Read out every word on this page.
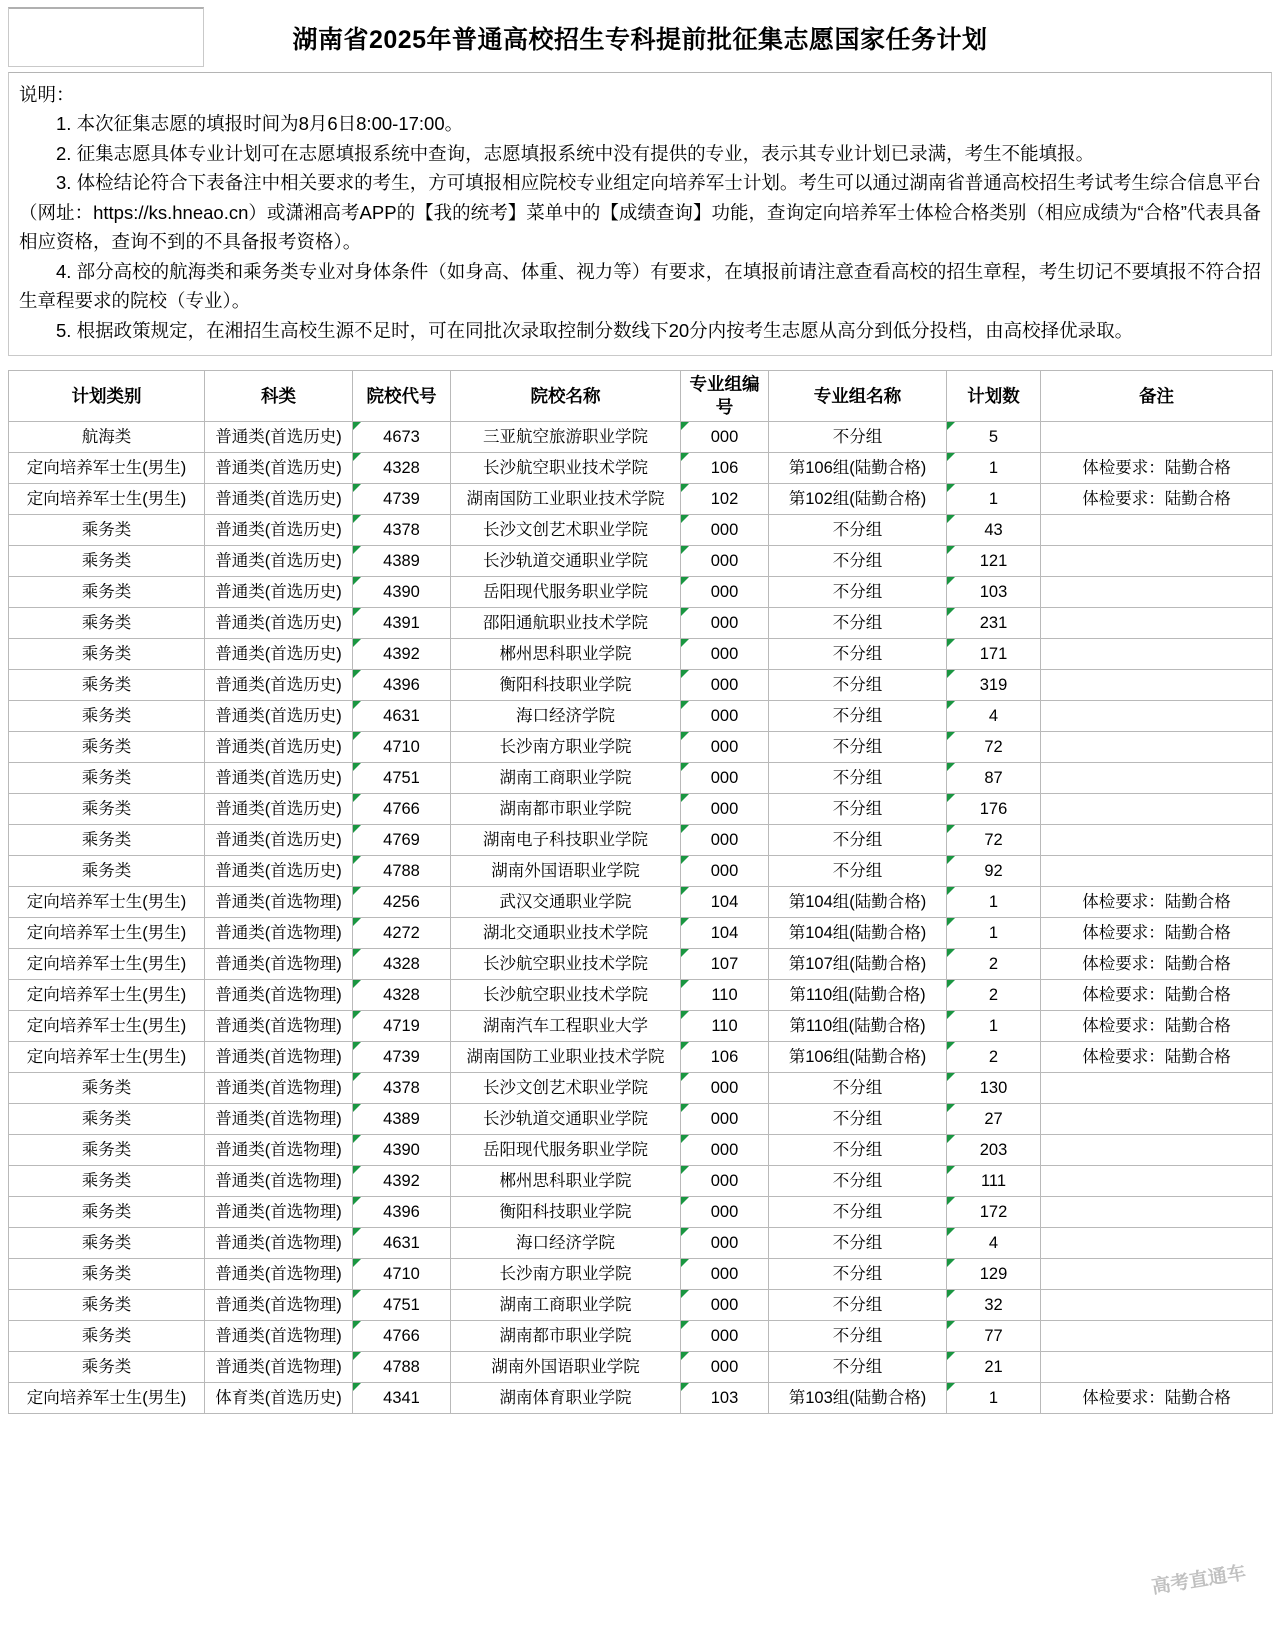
湖南省2025年普通高校招生专科提前批征集志愿国家任务计划
说明：
1. 本次征集志愿的填报时间为8月6日8:00-17:00。
2. 征集志愿具体专业计划可在志愿填报系统中查询，志愿填报系统中没有提供的专业，表示其专业计划已录满，考生不能填报。
3. 体检结论符合下表备注中相关要求的考生，方可填报相应院校专业组定向培养军士计划。考生可以通过湖南省普通高校招生考试考生综合信息平台（网址：https://ks.hneao.cn）或潇湘高考APP的【我的统考】菜单中的【成绩查询】功能，查询定向培养军士体检合格类别（相应成绩为“合格”代表具备相应资格，查询不到的不具备报考资格）。
4. 部分高校的航海类和乘务类专业对身体条件（如身高、体重、视力等）有要求，在填报前请注意查看高校的招生章程，考生切记不要填报不符合招生章程要求的院校（专业）。
5. 根据政策规定，在湘招生高校生源不足时，可在同批次录取控制分数线下20分内按考生志愿从高分到低分投档，由高校择优录取。
计划类别	科类	院校代号	院校名称	专业组编号	专业组名称	计划数	备注
航海类	普通类(首选历史)	4673	三亚航空旅游职业学院	000	不分组	5	
定向培养军士生(男生)	普通类(首选历史)	4328	长沙航空职业技术学院	106	第106组(陆勤合格)	1	体检要求：陆勤合格
定向培养军士生(男生)	普通类(首选历史)	4739	湖南国防工业职业技术学院	102	第102组(陆勤合格)	1	体检要求：陆勤合格
乘务类	普通类(首选历史)	4378	长沙文创艺术职业学院	000	不分组	43	
乘务类	普通类(首选历史)	4389	长沙轨道交通职业学院	000	不分组	121	
乘务类	普通类(首选历史)	4390	岳阳现代服务职业学院	000	不分组	103	
乘务类	普通类(首选历史)	4391	邵阳通航职业技术学院	000	不分组	231	
乘务类	普通类(首选历史)	4392	郴州思科职业学院	000	不分组	171	
乘务类	普通类(首选历史)	4396	衡阳科技职业学院	000	不分组	319	
乘务类	普通类(首选历史)	4631	海口经济学院	000	不分组	4	
乘务类	普通类(首选历史)	4710	长沙南方职业学院	000	不分组	72	
乘务类	普通类(首选历史)	4751	湖南工商职业学院	000	不分组	87	
乘务类	普通类(首选历史)	4766	湖南都市职业学院	000	不分组	176	
乘务类	普通类(首选历史)	4769	湖南电子科技职业学院	000	不分组	72	
乘务类	普通类(首选历史)	4788	湖南外国语职业学院	000	不分组	92	
定向培养军士生(男生)	普通类(首选物理)	4256	武汉交通职业学院	104	第104组(陆勤合格)	1	体检要求：陆勤合格
定向培养军士生(男生)	普通类(首选物理)	4272	湖北交通职业技术学院	104	第104组(陆勤合格)	1	体检要求：陆勤合格
定向培养军士生(男生)	普通类(首选物理)	4328	长沙航空职业技术学院	107	第107组(陆勤合格)	2	体检要求：陆勤合格
定向培养军士生(男生)	普通类(首选物理)	4328	长沙航空职业技术学院	110	第110组(陆勤合格)	2	体检要求：陆勤合格
定向培养军士生(男生)	普通类(首选物理)	4719	湖南汽车工程职业大学	110	第110组(陆勤合格)	1	体检要求：陆勤合格
定向培养军士生(男生)	普通类(首选物理)	4739	湖南国防工业职业技术学院	106	第106组(陆勤合格)	2	体检要求：陆勤合格
乘务类	普通类(首选物理)	4378	长沙文创艺术职业学院	000	不分组	130	
乘务类	普通类(首选物理)	4389	长沙轨道交通职业学院	000	不分组	27	
乘务类	普通类(首选物理)	4390	岳阳现代服务职业学院	000	不分组	203	
乘务类	普通类(首选物理)	4392	郴州思科职业学院	000	不分组	111	
乘务类	普通类(首选物理)	4396	衡阳科技职业学院	000	不分组	172	
乘务类	普通类(首选物理)	4631	海口经济学院	000	不分组	4	
乘务类	普通类(首选物理)	4710	长沙南方职业学院	000	不分组	129	
乘务类	普通类(首选物理)	4751	湖南工商职业学院	000	不分组	32	
乘务类	普通类(首选物理)	4766	湖南都市职业学院	000	不分组	77	
乘务类	普通类(首选物理)	4788	湖南外国语职业学院	000	不分组	21	
定向培养军士生(男生)	体育类(首选历史)	4341	湖南体育职业学院	103	第103组(陆勤合格)	1	体检要求：陆勤合格
高考直通车
